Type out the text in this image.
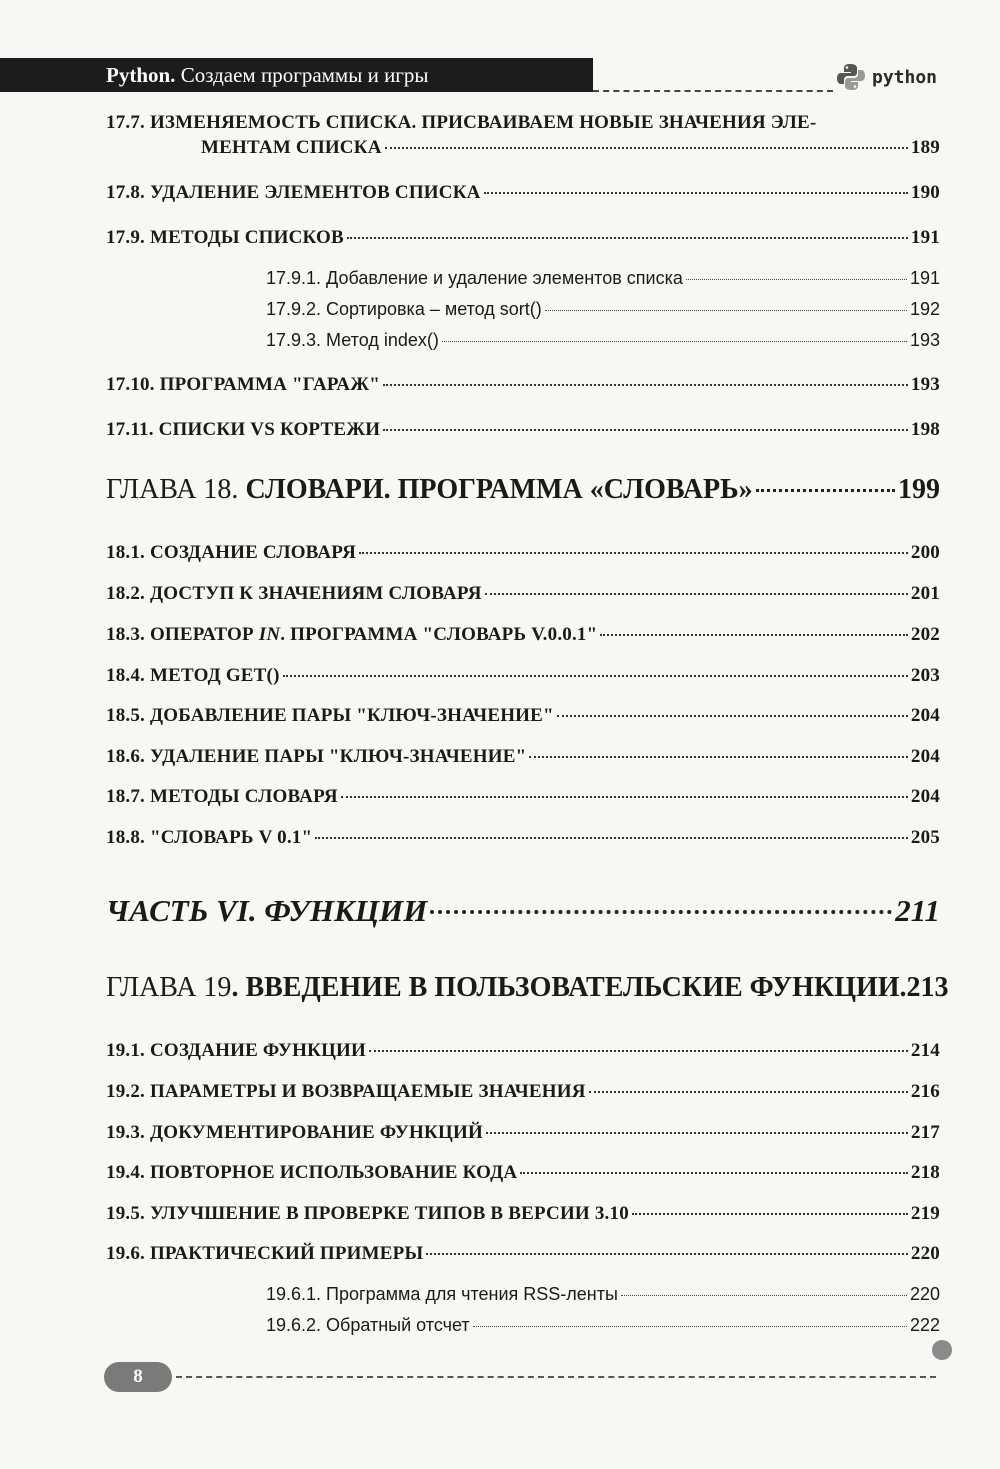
Python. Создаем программы и игры	python
17.7. ИЗМЕНЯЕМОСТЬ СПИСКА. ПРИСВАИВАЕМ НОВЫЕ ЗНАЧЕНИЯ ЭЛЕ-
МЕНТАМ СПИСКА	189
17.8. УДАЛЕНИЕ ЭЛЕМЕНТОВ СПИСКА	190
17.9. МЕТОДЫ СПИСКОВ	191
17.9.1. Добавление и удаление элементов списка	191
17.9.2. Сортировка – метод sort()	192
17.9.3. Метод index()	193
17.10. ПРОГРАММА "ГАРАЖ"	193
17.11. СПИСКИ VS КОРТЕЖИ	198
ГЛАВА 18. СЛОВАРИ. ПРОГРАММА «СЛОВАРЬ»	199
18.1. СОЗДАНИЕ СЛОВАРЯ	200
18.2. ДОСТУП К ЗНАЧЕНИЯМ СЛОВАРЯ	201
18.3. ОПЕРАТОР IN. ПРОГРАММА "СЛОВАРЬ V.0.0.1"	202
18.4. МЕТОД GET()	203
18.5. ДОБАВЛЕНИЕ ПАРЫ "КЛЮЧ-ЗНАЧЕНИЕ"	204
18.6. УДАЛЕНИЕ ПАРЫ "КЛЮЧ-ЗНАЧЕНИЕ"	204
18.7. МЕТОДЫ СЛОВАРЯ	204
18.8. "СЛОВАРЬ V 0.1"	205
ЧАСТЬ VI. ФУНКЦИИ	211
ГЛАВА 19. ВВЕДЕНИЕ В ПОЛЬЗОВАТЕЛЬСКИЕ ФУНКЦИИ. 213
19.1. СОЗДАНИЕ ФУНКЦИИ	214
19.2. ПАРАМЕТРЫ И ВОЗВРАЩАЕМЫЕ ЗНАЧЕНИЯ	216
19.3. ДОКУМЕНТИРОВАНИЕ ФУНКЦИЙ	217
19.4. ПОВТОРНОЕ ИСПОЛЬЗОВАНИЕ КОДА	218
19.5. УЛУЧШЕНИЕ В ПРОВЕРКЕ ТИПОВ В ВЕРСИИ 3.10	219
19.6. ПРАКТИЧЕСКИЙ ПРИМЕРЫ	220
19.6.1. Программа для чтения RSS-ленты	220
19.6.2. Обратный отсчет	222
8
